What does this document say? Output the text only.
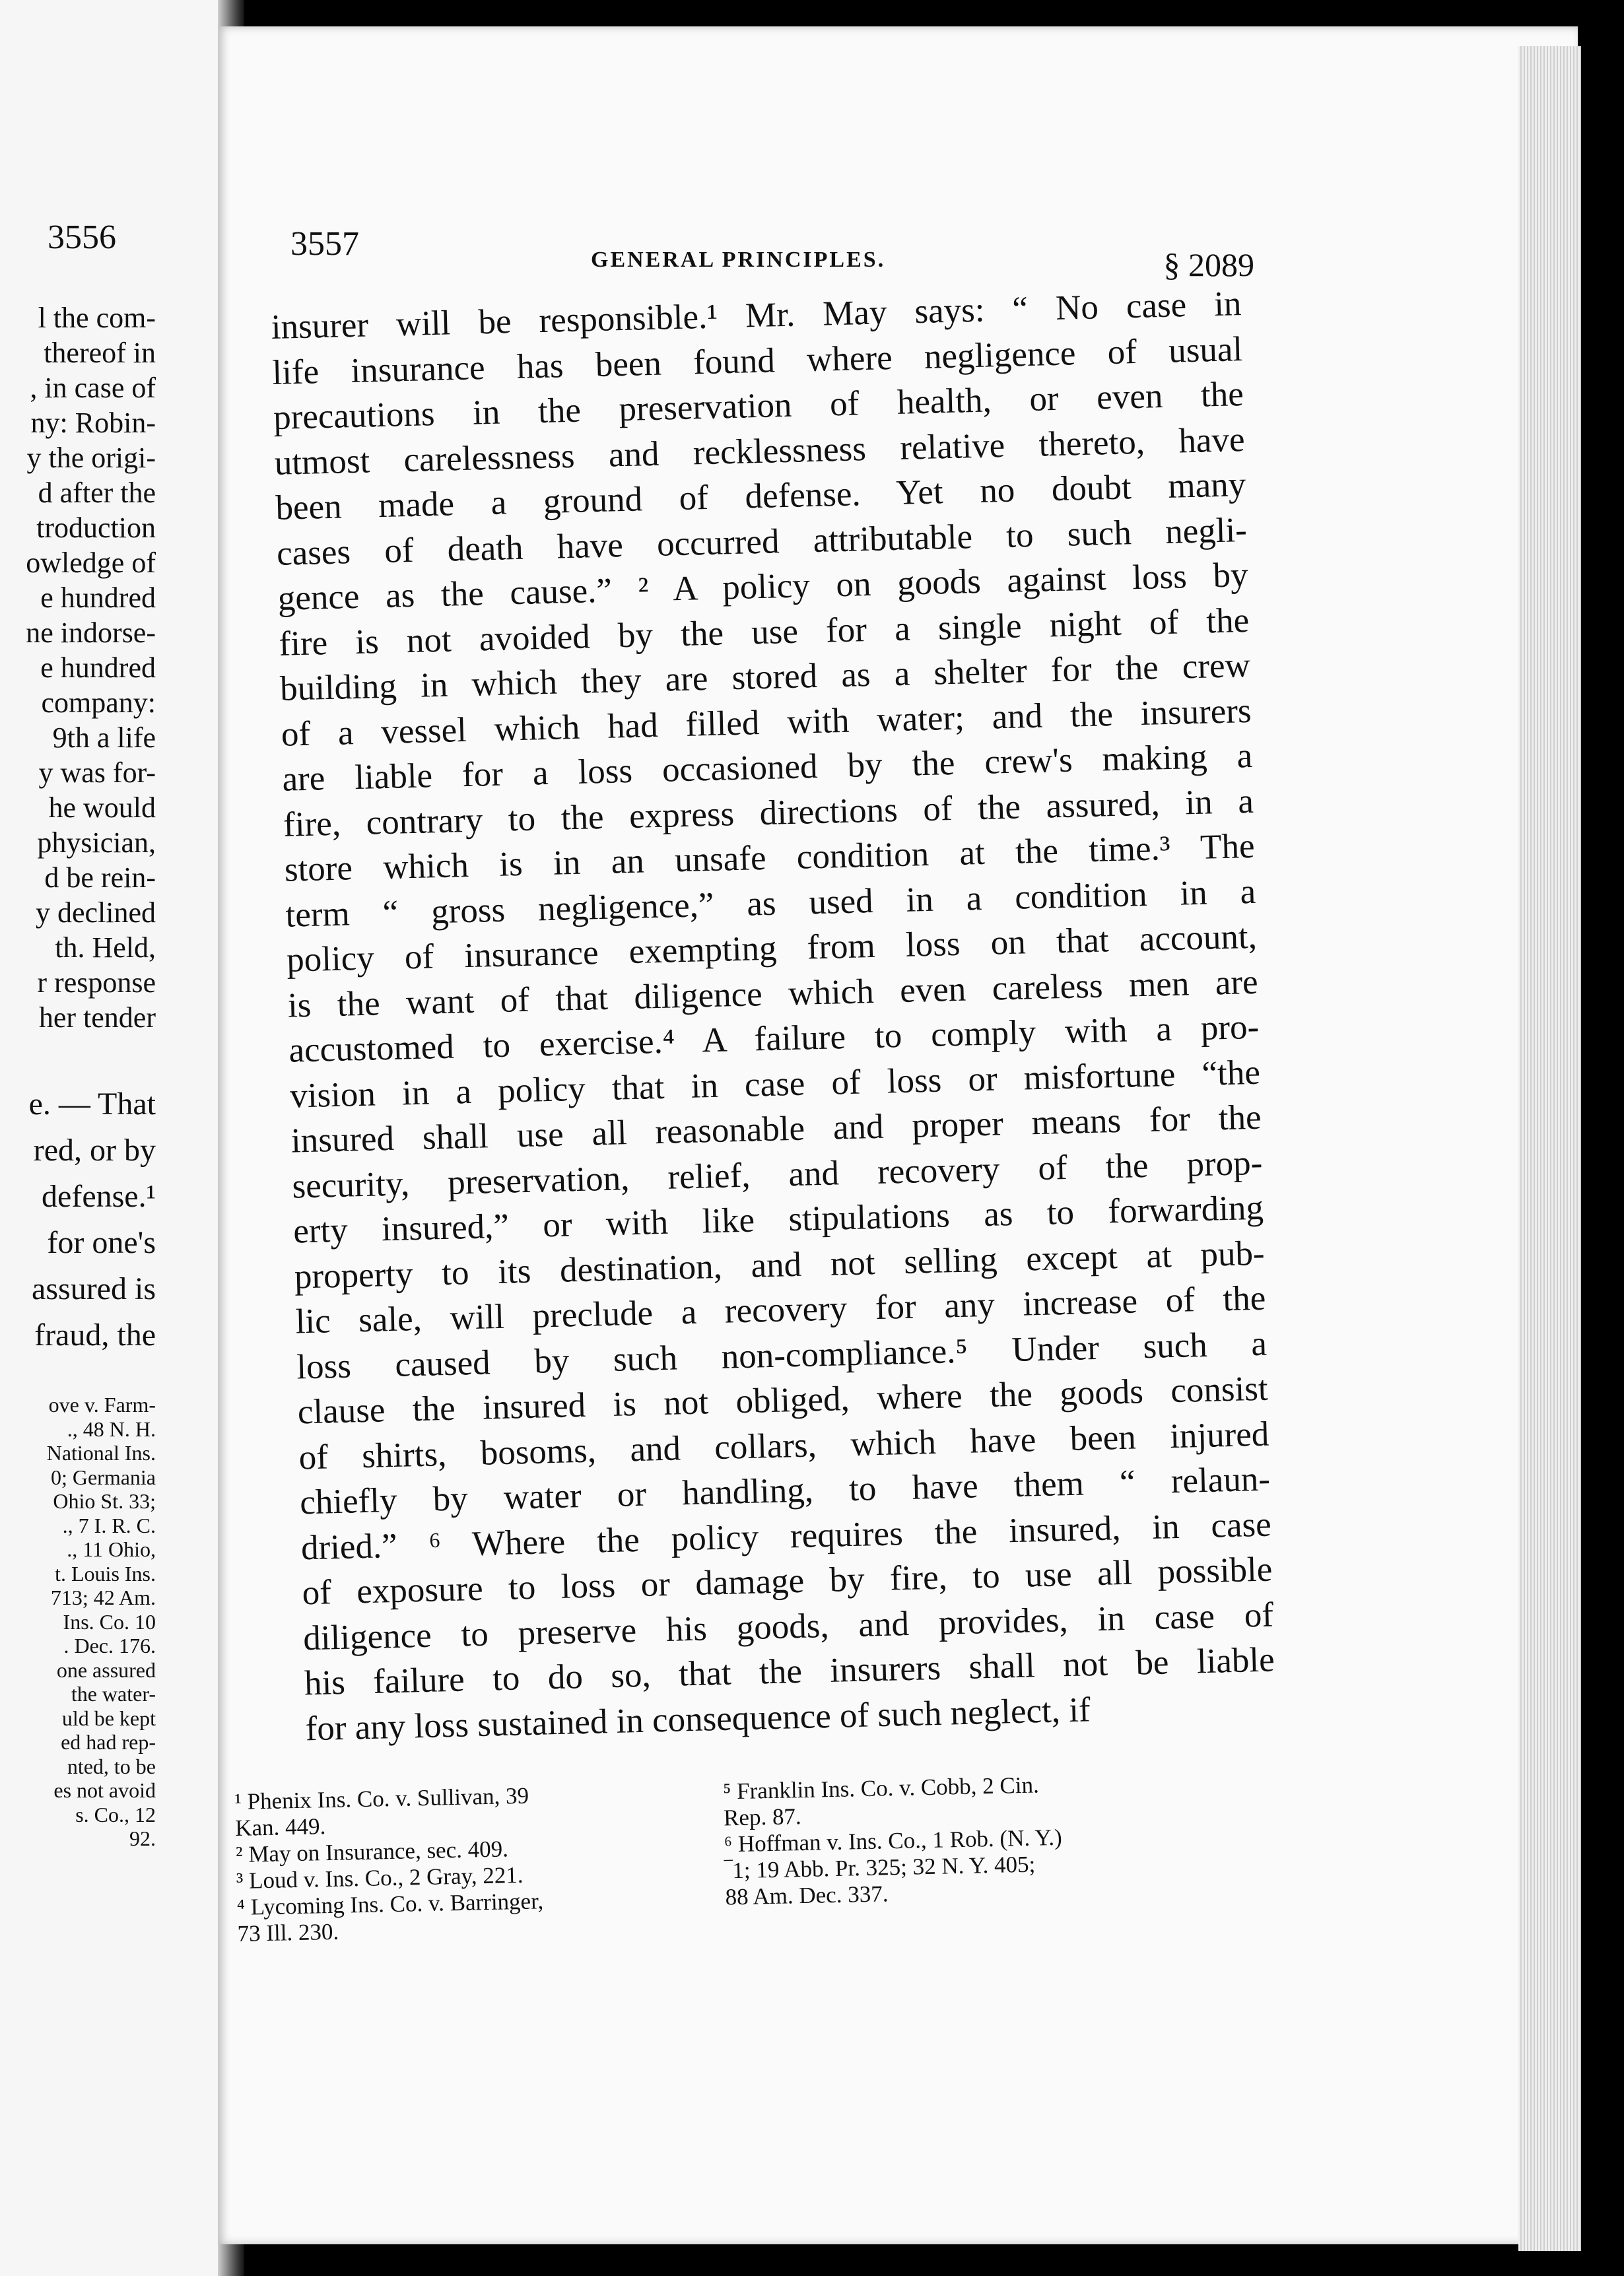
3556
l the com-
thereof in
, in case of
ny: Robin-
y the origi-
d after the
troduction
owledge of
e hundred
ne indorse-
e hundred
company:
9th a life
y was for-
he would
physician,
d be rein-
y declined
th. Held,
r response
her tender
e. — That
red, or by
defense.¹
for one's
assured is
fraud, the
ove v. Farm-
., 48 N. H.
National Ins.
0; Germania
Ohio St. 33;
., 7 I. R. C.
., 11 Ohio,
t. Louis Ins.
713; 42 Am.
Ins. Co. 10
. Dec. 176.
one assured
the water-
uld be kept
ed had rep-
nted, to be
es not avoid
s. Co., 12
92.
3557	GENERAL PRINCIPLES.	§ 2089
insurer will be responsible.¹ Mr. May says: “ No case in
life insurance has been found where negligence of usual
precautions in the preservation of health, or even the
utmost carelessness and recklessness relative thereto, have
been made a ground of defense. Yet no doubt many
cases of death have occurred attributable to such negli-
gence as the cause.” ² A policy on goods against loss by
fire is not avoided by the use for a single night of the
building in which they are stored as a shelter for the crew
of a vessel which had filled with water; and the insurers
are liable for a loss occasioned by the crew's making a
fire, contrary to the express directions of the assured, in a
store which is in an unsafe condition at the time.³ The
term “ gross negligence,” as used in a condition in a
policy of insurance exempting from loss on that account,
is the want of that diligence which even careless men are
accustomed to exercise.⁴ A failure to comply with a pro-
vision in a policy that in case of loss or misfortune “the
insured shall use all reasonable and proper means for the
security, preservation, relief, and recovery of the prop-
erty insured,” or with like stipulations as to forwarding
property to its destination, and not selling except at pub-
lic sale, will preclude a recovery for any increase of the
loss caused by such non-compliance.⁵ Under such a
clause the insured is not obliged, where the goods consist
of shirts, bosoms, and collars, which have been injured
chiefly by water or handling, to have them “ relaun-
dried.” ⁶ Where the policy requires the insured, in case
of exposure to loss or damage by fire, to use all possible
diligence to preserve his goods, and provides, in case of
his failure to do so, that the insurers shall not be liable
for any loss sustained in consequence of such neglect, if
¹ Phenix Ins. Co. v. Sullivan, 39
Kan. 449.
² May on Insurance, sec. 409.
³ Loud v. Ins. Co., 2 Gray, 221.
⁴ Lycoming Ins. Co. v. Barringer,
73 Ill. 230.
⁵ Franklin Ins. Co. v. Cobb, 2 Cin.
Rep. 87.
⁶ Hoffman v. Ins. Co., 1 Rob. (N. Y.)
‾1; 19 Abb. Pr. 325; 32 N. Y. 405;
88 Am. Dec. 337.
